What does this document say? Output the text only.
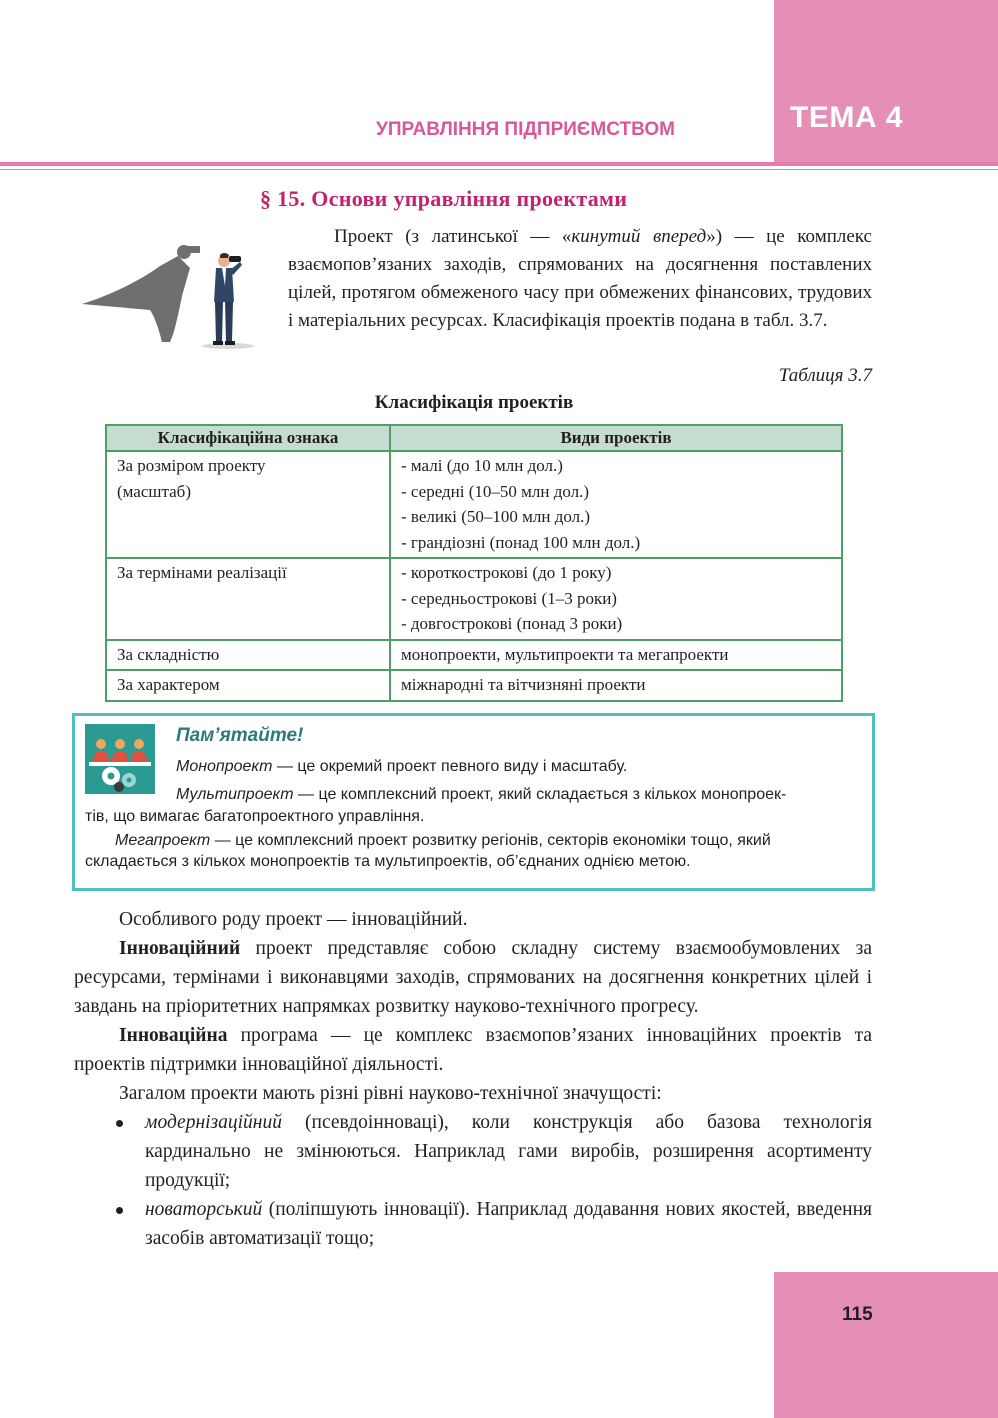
ТЕМА 4
УПРАВЛІННЯ ПІДПРИЄМСТВОМ
§ 15. Основи управління проектами

Проект (з латинської — «кинутий вперед») — це комплекс взаємопов’язаних заходів, спрямованих на досягнення поставлених цілей, протягом обмеженого часу при обмежених фінансових, трудових і матеріальних ресурсах. Класифікація проектів подана в табл. 3.7.

Таблиця 3.7
Класифікація проектів
Класифікаційна ознака	Види проектів

За розміром проекту
(масштаб)	- малі (до 10 млн дол.)
- середні (10–50 млн дол.)
- великі (50–100 млн дол.)
- грандіозні (понад 100 млн дол.)

За термінами реалізації	- короткострокові (до 1 року)
- середньострокові (1–3 роки)
- довгострокові (понад 3 роки)

За складністю	монопроекти, мультипроекти та мегапроекти

За характером	міжнародні та вітчизняні проекти
Пам’ятайте!
Монопроект — це окремий проект певного виду і масштабу.
Мультипроект — це комплексний проект, який складається з кількох монопроек-
тів, що вимагає багатопроектного управління.
Мегапроект — це комплексний проект розвитку регіонів, секторів економіки тощо, який
складається з кількох монопроектів та мультипроектів, об’єднаних однією метою.

Особливого роду проект — інноваційний.

Інноваційний проект представляє собою складну систему взаємообумовлених за ресурсами, термінами і виконавцями заходів, спрямованих на досягнення конкретних цілей і завдань на пріоритетних напрямках розвитку науково-технічного прогресу.

Інноваційна програма — це комплекс взаємопов’язаних інноваційних проектів та проектів підтримки інноваційної діяльності.

Загалом проекти мають різні рівні науково-технічної значущості:

модернізаційний (псевдоінноваці), коли конструкція або базова технологія кардинально не змінюються. Наприклад гами виробів, розширення асортименту продукції;
новаторський (поліпшують інновації). Наприклад додавання нових якостей, введення засобів автоматизації тощо;
115
